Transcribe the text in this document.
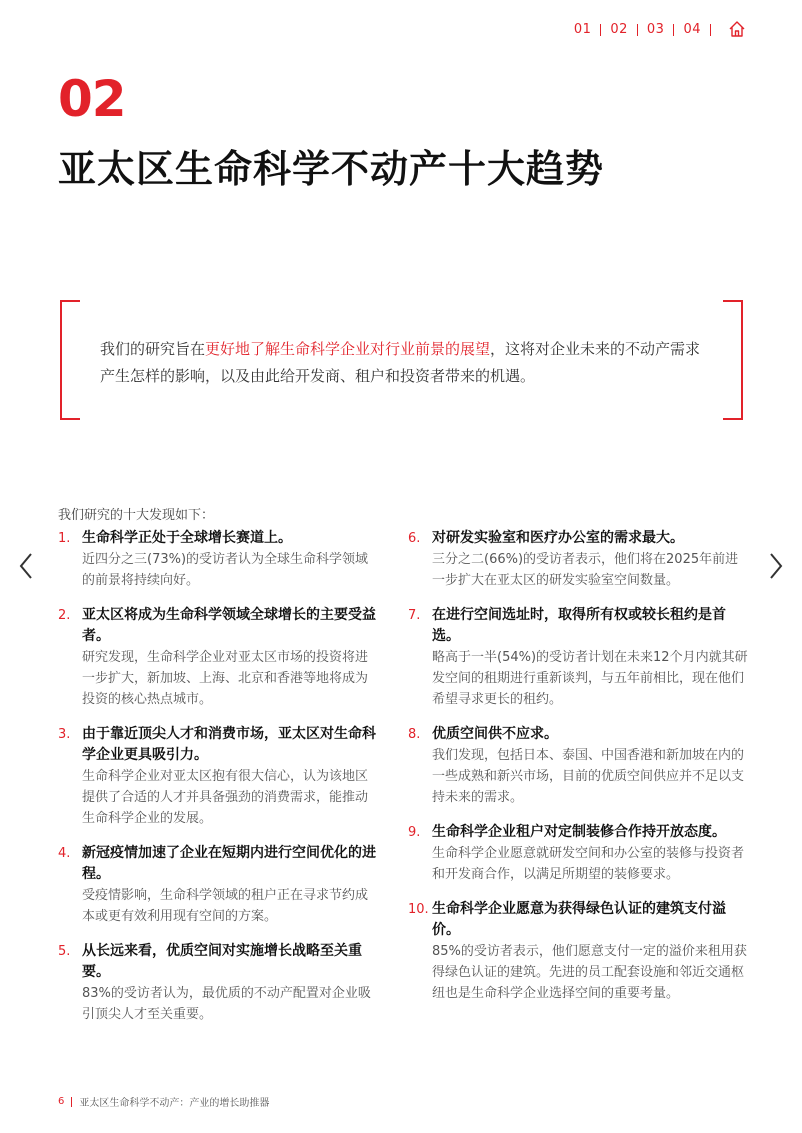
01 02 03 04
02
亚太区生命科学不动产十大趋势

我们的研究旨在更好地了解生命科学企业对行业前景的展望，这将对企业未来的不动产需求产生怎样的影响，以及由此给开发商、租户和投资者带来的机遇。

我们研究的十大发现如下：
1. 生命科学正处于全球增长赛道上。
近四分之三(73%)的受访者认为全球生命科学领域的前景将持续向好。
2. 亚太区将成为生命科学领域全球增长的主要受益者。
研究发现，生命科学企业对亚太区市场的投资将进一步扩大，新加坡、上海、北京和香港等地将成为投资的核心热点城市。
3. 由于靠近顶尖人才和消费市场，亚太区对生命科学企业更具吸引力。
生命科学企业对亚太区抱有很大信心，认为该地区提供了合适的人才并具备强劲的消费需求，能推动生命科学企业的发展。
4. 新冠疫情加速了企业在短期内进行空间优化的进程。
受疫情影响，生命科学领域的租户正在寻求节约成本或更有效利用现有空间的方案。
5. 从长远来看，优质空间对实施增长战略至关重要。
83%的受访者认为，最优质的不动产配置对企业吸引顶尖人才至关重要。
6. 对研发实验室和医疗办公室的需求最大。
三分之二(66%)的受访者表示，他们将在2025年前进一步扩大在亚太区的研发实验室空间数量。
7. 在进行空间选址时，取得所有权或较长租约是首选。
略高于一半(54%)的受访者计划在未来12个月内就其研发空间的租期进行重新谈判，与五年前相比，现在他们希望寻求更长的租约。
8. 优质空间供不应求。
我们发现，包括日本、泰国、中国香港和新加坡在内的一些成熟和新兴市场，目前的优质空间供应并不足以支持未来的需求。
9. 生命科学企业租户对定制装修合作持开放态度。
生命科学企业愿意就研发空间和办公室的装修与投资者和开发商合作，以满足所期望的装修要求。
10. 生命科学企业愿意为获得绿色认证的建筑支付溢价。
85%的受访者表示，他们愿意支付一定的溢价来租用获得绿色认证的建筑。先进的员工配套设施和邻近交通枢纽也是生命科学企业选择空间的重要考量。
6 亚太区生命科学不动产：产业的增长助推器
